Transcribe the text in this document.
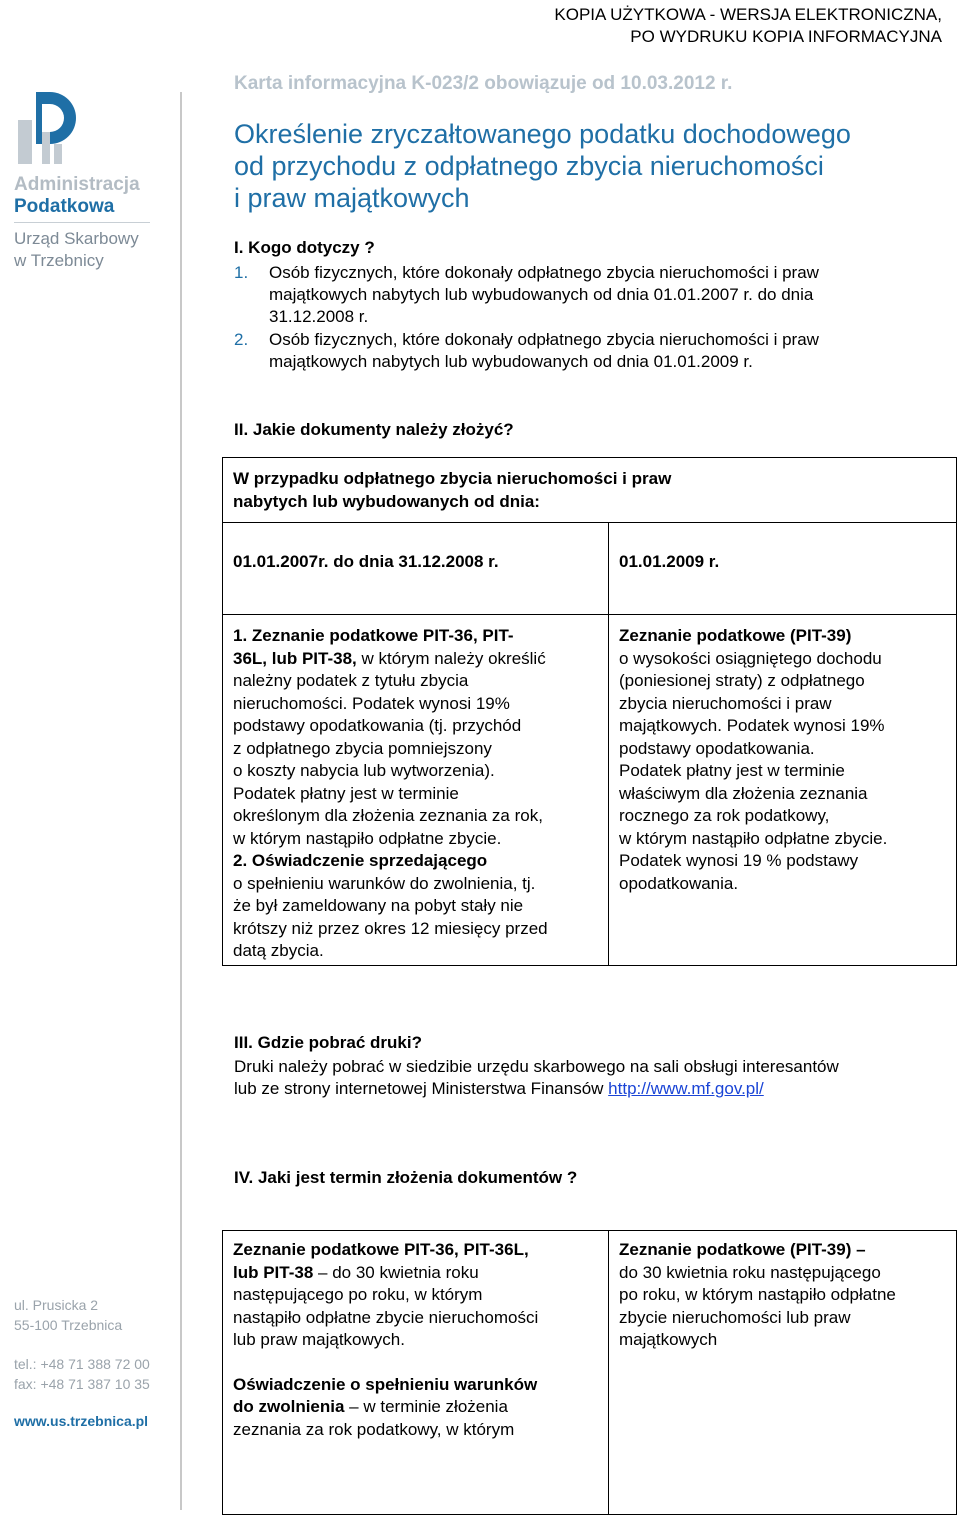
KOPIA UŻYTKOWA - WERSJA ELEKTRONICZNA,
PO WYDRUKU KOPIA INFORMACYJNA
Administracja
Podatkowa
Urząd Skarbowy
w Trzebnicy
Karta informacyjna K-023/2 obowiązuje od 10.03.2012 r.
Określenie zryczałtowanego podatku dochodowego
od przychodu z odpłatnego zbycia nieruchomości
i praw majątkowych
I. Kogo dotyczy ?
1. Osób fizycznych, które dokonały odpłatnego zbycia nieruchomości i praw
majątkowych nabytych lub wybudowanych od dnia 01.01.2007 r. do dnia
31.12.2008 r.
2. Osób fizycznych, które dokonały odpłatnego zbycia nieruchomości i praw
majątkowych nabytych lub wybudowanych od dnia 01.01.2009 r.
II. Jakie dokumenty należy złożyć?
W przypadku odpłatnego zbycia nieruchomości i praw
nabytych lub wybudowanych od dnia:
01.01.2007r. do dnia 31.12.2008 r.	01.01.2009 r.
1. Zeznanie podatkowe PIT-36, PIT-
36L, lub PIT-38, w którym należy określić
należny podatek z tytułu zbycia
nieruchomości. Podatek wynosi 19%
podstawy opodatkowania (tj. przychód
z odpłatnego zbycia pomniejszony
o koszty nabycia lub wytworzenia).
Podatek płatny jest w terminie
określonym dla złożenia zeznania za rok,
w którym nastąpiło odpłatne zbycie.
2. Oświadczenie sprzedającego
o spełnieniu warunków do zwolnienia, tj.
że był zameldowany na pobyt stały nie
krótszy niż przez okres 12 miesięcy przed
datą zbycia.
Zeznanie podatkowe (PIT-39)
o wysokości osiągniętego dochodu
(poniesionej straty) z odpłatnego
zbycia nieruchomości i praw
majątkowych. Podatek wynosi 19%
podstawy opodatkowania.
Podatek płatny jest w terminie
właściwym dla złożenia zeznania
rocznego za rok podatkowy,
w którym nastąpiło odpłatne zbycie.
Podatek wynosi 19 % podstawy
opodatkowania.
III. Gdzie pobrać druki?
Druki należy pobrać w siedzibie urzędu skarbowego na sali obsługi interesantów
lub ze strony internetowej Ministerstwa Finansów http://www.mf.gov.pl/
IV. Jaki jest termin złożenia dokumentów ?
Zeznanie podatkowe PIT-36, PIT-36L,
lub PIT-38 – do 30 kwietnia roku
następującego po roku, w którym
nastąpiło odpłatne zbycie nieruchomości
lub praw majątkowych.
Oświadczenie o spełnieniu warunków
do zwolnienia – w terminie złożenia
zeznania za rok podatkowy, w którym
Zeznanie podatkowe (PIT-39) –
do 30 kwietnia roku następującego
po roku, w którym nastąpiło odpłatne
zbycie nieruchomości lub praw
majątkowych
ul. Prusicka 2
55-100 Trzebnica
tel.: +48 71 388 72 00
fax: +48 71 387 10 35
www.us.trzebnica.pl
